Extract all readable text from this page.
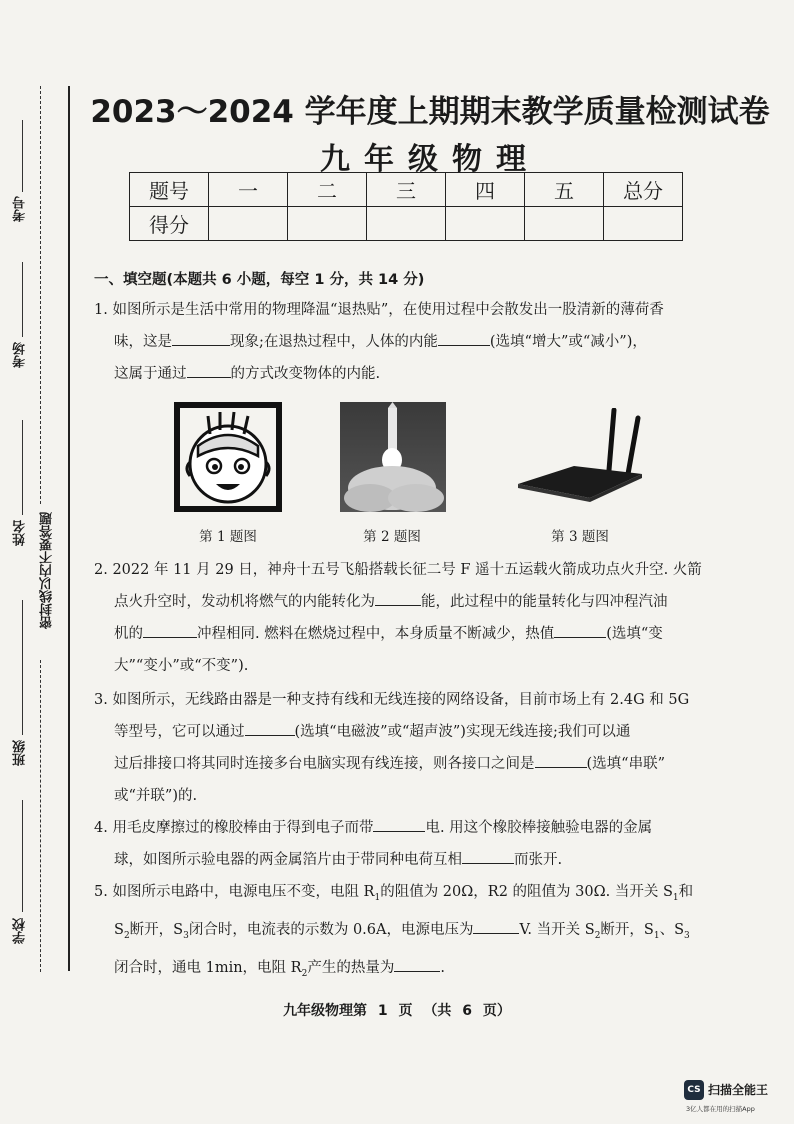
考号
考场
姓名
班级
学校
密封线以内不要答题
2023～2024 学年度上期期末教学质量检测试卷
九年级物理
题号	一	二	三	四	五	总分
得分						
一、填空题(本题共 6 小题，每空 1 分，共 14 分)
1. 如图所示是生活中常用的物理降温“退热贴”，在使用过程中会散发出一股清新的薄荷香
味，这是	现象;在退热过程中，人体的内能	(选填“增大”或“减小”)，
这属于通过	的方式改变物体的内能.
第 1 题图	第 2 题图	第 3 题图
2. 2022 年 11 月 29 日，神舟十五号飞船搭载长征二号 F 遥十五运载火箭成功点火升空. 火箭
点火升空时，发动机将燃气的内能转化为	能，此过程中的能量转化与四冲程汽油
机的	冲程相同. 燃料在燃烧过程中，本身质量不断减少，热值	(选填“变
大”“变小”或“不变”).
3. 如图所示，无线路由器是一种支持有线和无线连接的网络设备，目前市场上有 2.4G 和 5G
等型号，它可以通过	(选填“电磁波”或“超声波”)实现无线连接;我们可以通
过后排接口将其同时连接多台电脑实现有线连接，则各接口之间是	(选填“串联”
或“并联”)的.
4. 用毛皮摩擦过的橡胶棒由于得到电子而带	电. 用这个橡胶棒接触验电器的金属
球，如图所示验电器的两金属箔片由于带同种电荷互相	而张开.
5. 如图所示电路中，电源电压不变，电阻 $R_1$的阻值为 20Ω，R2 的阻值为 30Ω. 当开关 $S_1$和
$S_2$断开，$S_3$闭合时，电流表的示数为 0.6A，电源电压为	V. 当开关 $S_2$断开，$S_1$、$S_3$
闭合时，通电 1min，电阻 $R_2$产生的热量为	.
九年级物理第 1 页 （共 6 页）
CS 扫描全能王
3亿人都在用的扫描App
